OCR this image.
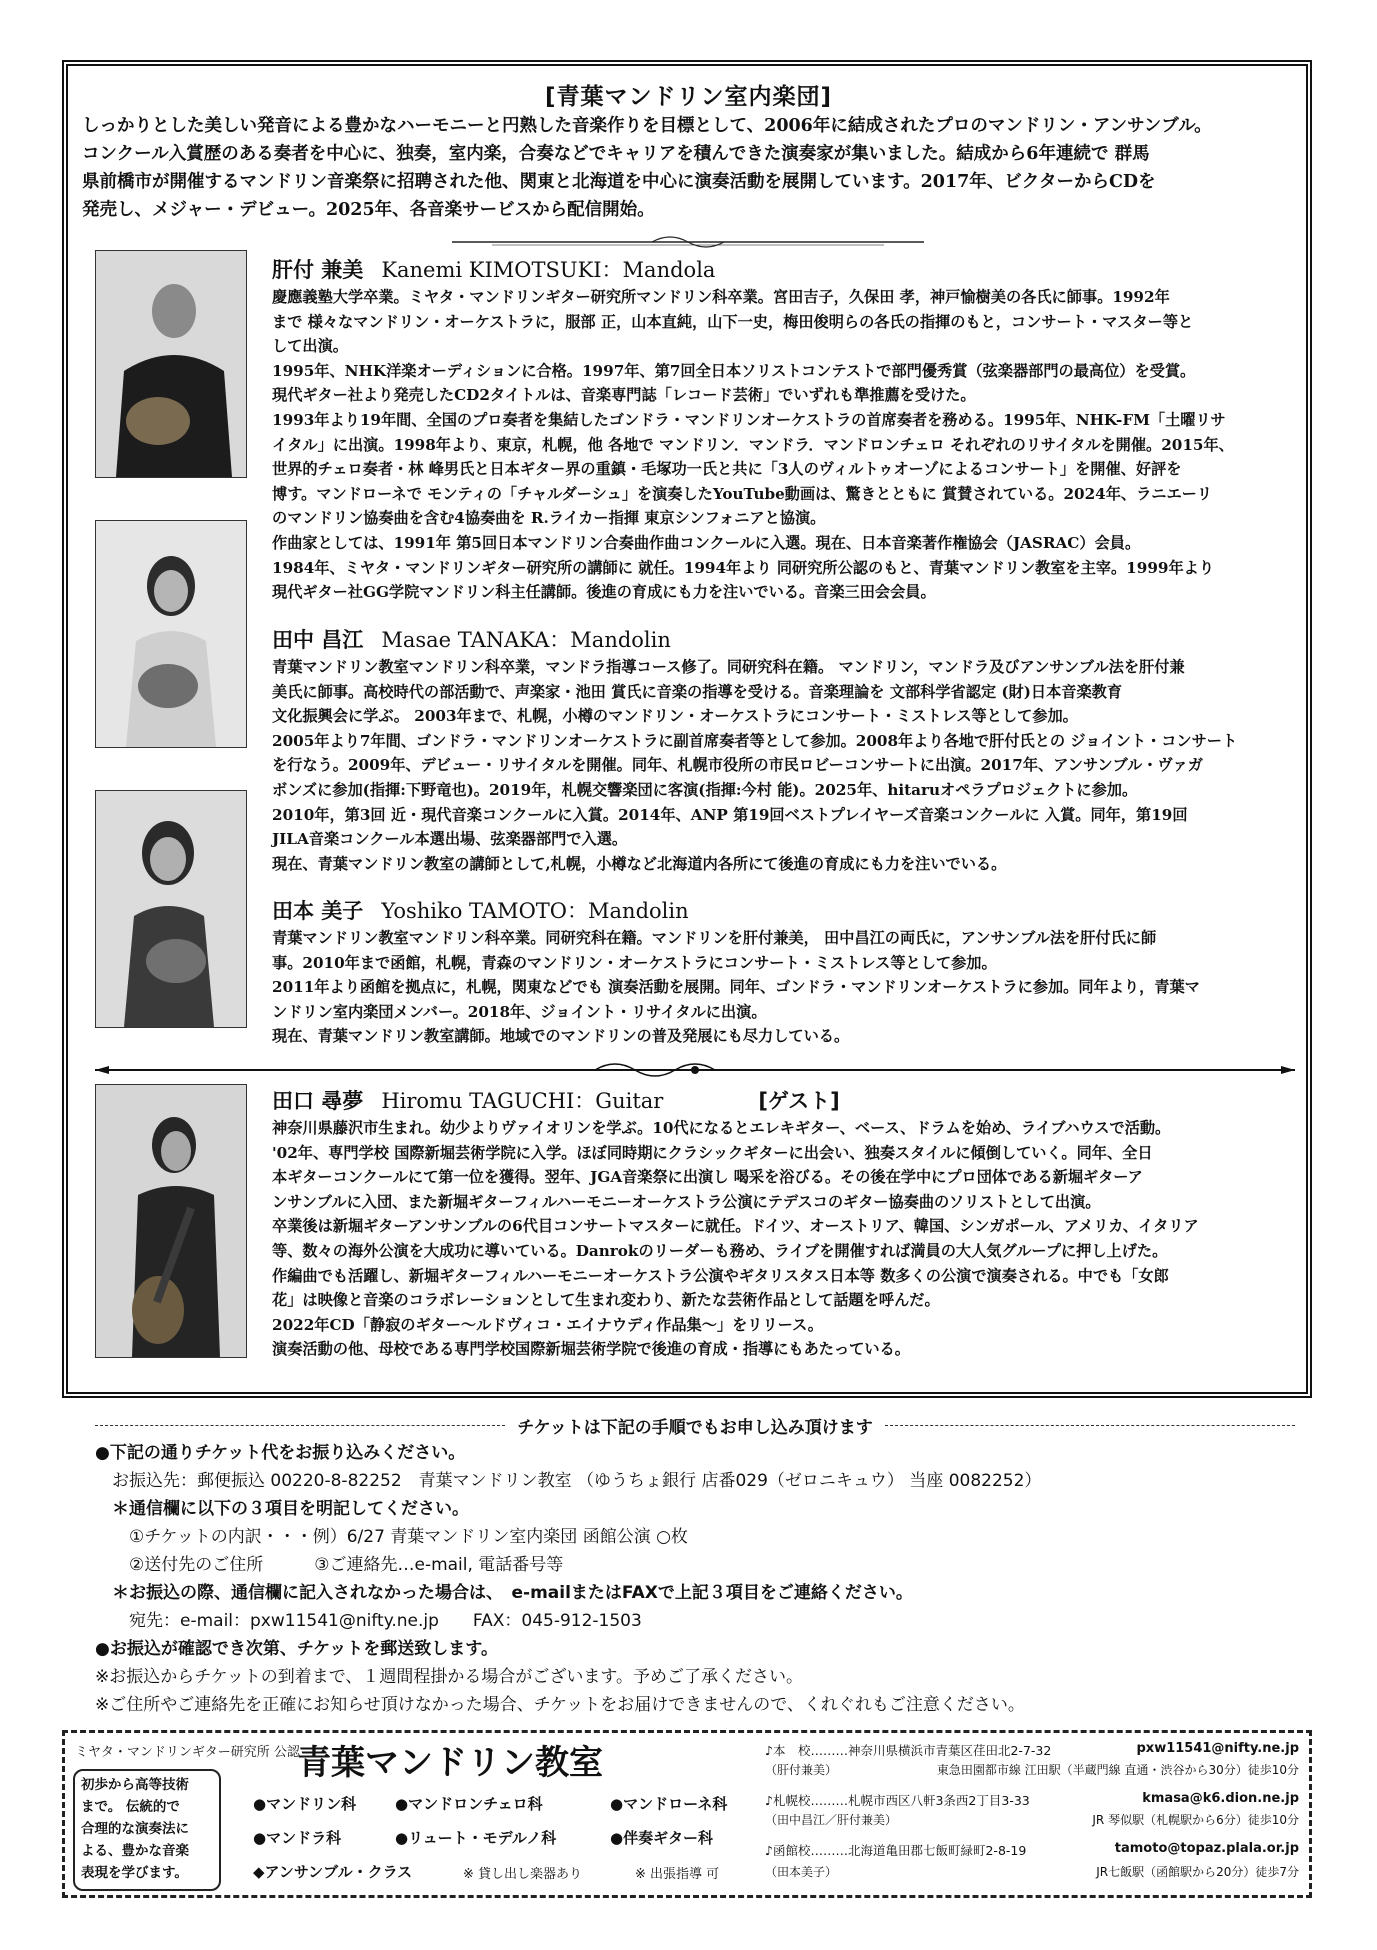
[青葉マンドリン室内楽団]
しっかりとした美しい発音による豊かなハーモニーと円熟した音楽作りを目標として、2006年に結成されたプロのマンドリン・アンサンブル。
コンクール入賞歴のある奏者を中心に、独奏，室内楽，合奏などでキャリアを積んできた演奏家が集いました。結成から6年連続で 群馬
県前橋市が開催するマンドリン音楽祭に招聘された他、関東と北海道を中心に演奏活動を展開しています。2017年、ビクターからCDを
発売し、メジャー・デビュー。2025年、各音楽サービスから配信開始。
肝付 兼美 Kanemi KIMOTSUKI：Mandola

慶應義塾大学卒業。ミヤタ・マンドリンギター研究所マンドリン科卒業。宮田吉子，久保田 孝，神戸愉樹美の各氏に師事。1992年

まで 様々なマンドリン・オーケストラに，服部 正，山本直純，山下一史，梅田俊明らの各氏の指揮のもと，コンサート・マスター等と

して出演。

1995年、NHK洋楽オーディションに合格。1997年、第7回全日本ソリストコンテストで部門優秀賞（弦楽器部門の最高位）を受賞。

現代ギター社より発売したCD2タイトルは、音楽専門誌「レコード芸術」でいずれも準推薦を受けた。

1993年より19年間、全国のプロ奏者を集結したゴンドラ・マンドリンオーケストラの首席奏者を務める。1995年、NHK-FM「土曜リサ

イタル」に出演。1998年より、東京，札幌，他 各地で マンドリン．マンドラ．マンドロンチェロ それぞれのリサイタルを開催。2015年、

世界的チェロ奏者・林 峰男氏と日本ギター界の重鎮・毛塚功一氏と共に「3人のヴィルトゥオーゾによるコンサート」を開催、好評を

博す。マンドローネで モンティの「チャルダーシュ」を演奏したYouTube動画は、驚きとともに 賞賛されている。2024年、ラニエーリ

のマンドリン協奏曲を含む4協奏曲を R.ライカー指揮 東京シンフォニアと協演。

作曲家としては、1991年 第5回日本マンドリン合奏曲作曲コンクールに入選。現在、日本音楽著作権協会（JASRAC）会員。

1984年、ミヤタ・マンドリンギター研究所の講師に 就任。1994年より 同研究所公認のもと、青葉マンドリン教室を主宰。1999年より

現代ギター社GG学院マンドリン科主任講師。後進の育成にも力を注いでいる。音楽三田会会員。

田中 昌江 Masae TANAKA：Mandolin

青葉マンドリン教室マンドリン科卒業，マンドラ指導コース修了。同研究科在籍。 マンドリン，マンドラ及びアンサンブル法を肝付兼

美氏に師事。高校時代の部活動で、声楽家・池田 賞氏に音楽の指導を受ける。音楽理論を 文部科学省認定 (財)日本音楽教育

文化振興会に学ぶ。 2003年まで、札幌，小樽のマンドリン・オーケストラにコンサート・ミストレス等として参加。

2005年より7年間、ゴンドラ・マンドリンオーケストラに副首席奏者等として参加。2008年より各地で肝付氏との ジョイント・コンサート

を行なう。2009年、デビュー・リサイタルを開催。同年、札幌市役所の市民ロビーコンサートに出演。2017年、アンサンブル・ヴァガ

ボンズに参加(指揮:下野竜也)。2019年，札幌交響楽団に客演(指揮:今村 能)。2025年、hitaruオペラプロジェクトに参加。

2010年，第3回 近・現代音楽コンクールに入賞。2014年、ANP 第19回ベストプレイヤーズ音楽コンクールに 入賞。同年，第19回

JILA音楽コンクール本選出場、弦楽器部門で入選。

現在、青葉マンドリン教室の講師として,札幌，小樽など北海道内各所にて後進の育成にも力を注いでいる。

田本 美子 Yoshiko TAMOTO：Mandolin

青葉マンドリン教室マンドリン科卒業。同研究科在籍。マンドリンを肝付兼美， 田中昌江の両氏に，アンサンブル法を肝付氏に師

事。2010年まで函館，札幌，青森のマンドリン・オーケストラにコンサート・ミストレス等として参加。

2011年より函館を拠点に，札幌，関東などでも 演奏活動を展開。同年、ゴンドラ・マンドリンオーケストラに参加。同年より，青葉マ

ンドリン室内楽団メンバー。2018年、ジョイント・リサイタルに出演。

現在、青葉マンドリン教室講師。地域でのマンドリンの普及発展にも尽力している。

田口 尋夢 Hiromu TAGUCHI：Guitar	[ゲスト]

神奈川県藤沢市生まれ。幼少よりヴァイオリンを学ぶ。10代になるとエレキギター、ベース、ドラムを始め、ライブハウスで活動。

'02年、専門学校 国際新堀芸術学院に入学。ほぼ同時期にクラシックギターに出会い、独奏スタイルに傾倒していく。同年、全日

本ギターコンクールにて第一位を獲得。翌年、JGA音楽祭に出演し 喝采を浴びる。その後在学中にプロ団体である新堀ギターア

ンサンブルに入団、また新堀ギターフィルハーモニーオーケストラ公演にテデスコのギター協奏曲のソリストとして出演。

卒業後は新堀ギターアンサンブルの6代目コンサートマスターに就任。ドイツ、オーストリア、韓国、シンガポール、アメリカ、イタリア

等、数々の海外公演を大成功に導いている。Danrokのリーダーも務め、ライブを開催すれば満員の大人気グループに押し上げた。

作編曲でも活躍し、新堀ギターフィルハーモニーオーケストラ公演やギタリスタス日本等 数多くの公演で演奏される。中でも「女郎

花」は映像と音楽のコラボレーションとして生まれ変わり、新たな芸術作品として話題を呼んだ。

2022年CD「静寂のギター～ルドヴィコ・エイナウディ作品集～」をリリース。

演奏活動の他、母校である専門学校国際新堀芸術学院で後進の育成・指導にもあたっている。

チケットは下記の手順でもお申し込み頂けます
●下記の通りチケット代をお振り込みください。
　お振込先：郵便振込 00220-8-82252　青葉マンドリン教室 （ゆうちょ銀行 店番029（ゼロニキュウ） 当座 0082252）
　＊通信欄に以下の３項目を明記してください。
　　①チケットの内訳・・・例）6/27 青葉マンドリン室内楽団 函館公演 ○枚
　　②送付先のご住所　　　③ご連絡先…e-mail, 電話番号等
　＊お振込の際、通信欄に記入されなかった場合は、　e-mailまたはFAXで上記３項目をご連絡ください。
　　宛先：e-mail：pxw11541@nifty.ne.jp　　FAX：045-912-1503
●お振込が確認でき次第、チケットを郵送致します。
※お振込からチケットの到着まで、１週間程掛かる場合がございます。予めご了承ください。
※ご住所やご連絡先を正確にお知らせ頂けなかった場合、チケットをお届けできませんので、くれぐれもご注意ください。
ミヤタ・マンドリンギター研究所 公認
青葉マンドリン教室
初歩から高等技術
まで。 伝統的で
合理的な演奏法に
よる、豊かな音楽
表現を学びます。
●マンドリン科	●マンドロンチェロ科	●マンドローネ科
●マンドラ科	●リュート・モデルノ科	●伴奏ギター科
◆アンサンブル・クラス	※ 貸し出し楽器あり	※ 出張指導 可
♪本　校………神奈川県横浜市青葉区荏田北2-7-32	pxw11541@nifty.ne.jp
（肝付兼美）	東急田園都市線 江田駅（半蔵門線 直通・渋谷から30分）徒歩10分
♪札幌校………札幌市西区八軒3条西2丁目3-33	kmasa@k6.dion.ne.jp
（田中昌江／肝付兼美）	JR 琴似駅（札幌駅から6分）徒歩10分
♪函館校………北海道亀田郡七飯町緑町2-8-19	tamoto@topaz.plala.or.jp
（田本美子）	JR七飯駅（函館駅から20分）徒歩7分
